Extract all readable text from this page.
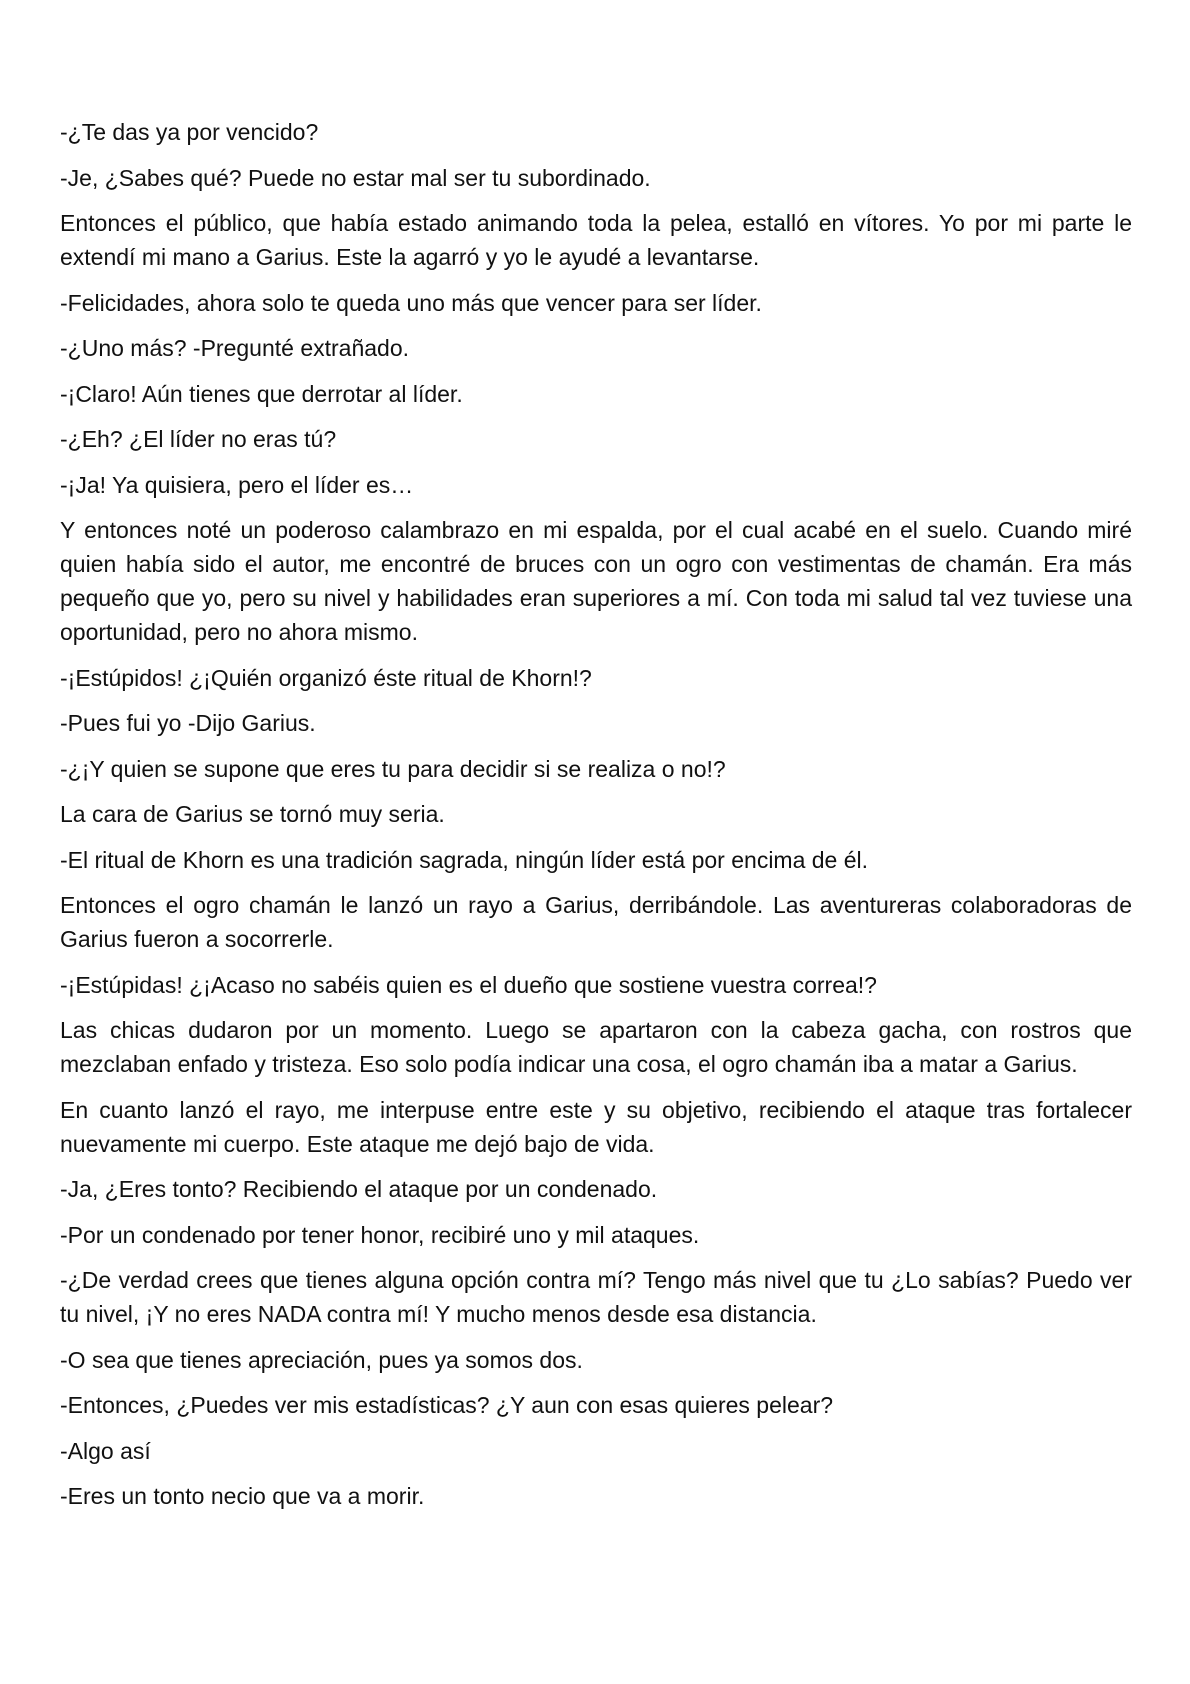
-¿Te das ya por vencido?

-Je, ¿Sabes qué? Puede no estar mal ser tu subordinado.

Entonces el público, que había estado animando toda la pelea, estalló en vítores. Yo por mi parte le extendí mi mano a Garius. Este la agarró y yo le ayudé a levantarse.

-Felicidades, ahora solo te queda uno más que vencer para ser líder.

-¿Uno más? -Pregunté extrañado.

-¡Claro! Aún tienes que derrotar al líder.

-¿Eh? ¿El líder no eras tú?

-¡Ja! Ya quisiera, pero el líder es…

Y entonces noté un poderoso calambrazo en mi espalda, por el cual acabé en el suelo. Cuando miré quien había sido el autor, me encontré de bruces con un ogro con vestimentas de chamán. Era más pequeño que yo, pero su nivel y habilidades eran superiores a mí. Con toda mi salud tal vez tuviese una oportunidad, pero no ahora mismo.

-¡Estúpidos! ¿¡Quién organizó éste ritual de Khorn!?

-Pues fui yo -Dijo Garius.

-¿¡Y quien se supone que eres tu para decidir si se realiza o no!?

La cara de Garius se tornó muy seria.

-El ritual de Khorn es una tradición sagrada, ningún líder está por encima de él.

Entonces el ogro chamán le lanzó un rayo a Garius, derribándole. Las aventureras colaboradoras de Garius fueron a socorrerle.

-¡Estúpidas! ¿¡Acaso no sabéis quien es el dueño que sostiene vuestra correa!?

Las chicas dudaron por un momento. Luego se apartaron con la cabeza gacha, con rostros que mezclaban enfado y tristeza. Eso solo podía indicar una cosa, el ogro chamán iba a matar a Garius.

En cuanto lanzó el rayo, me interpuse entre este y su objetivo, recibiendo el ataque tras fortalecer nuevamente mi cuerpo. Este ataque me dejó bajo de vida.

-Ja, ¿Eres tonto? Recibiendo el ataque por un condenado.

-Por un condenado por tener honor, recibiré uno y mil ataques.

-¿De verdad crees que tienes alguna opción contra mí? Tengo más nivel que tu ¿Lo sabías? Puedo ver tu nivel, ¡Y no eres NADA contra mí! Y mucho menos desde esa distancia.

-O sea que tienes apreciación, pues ya somos dos.

-Entonces, ¿Puedes ver mis estadísticas? ¿Y aun con esas quieres pelear?

-Algo así

-Eres un tonto necio que va a morir.
